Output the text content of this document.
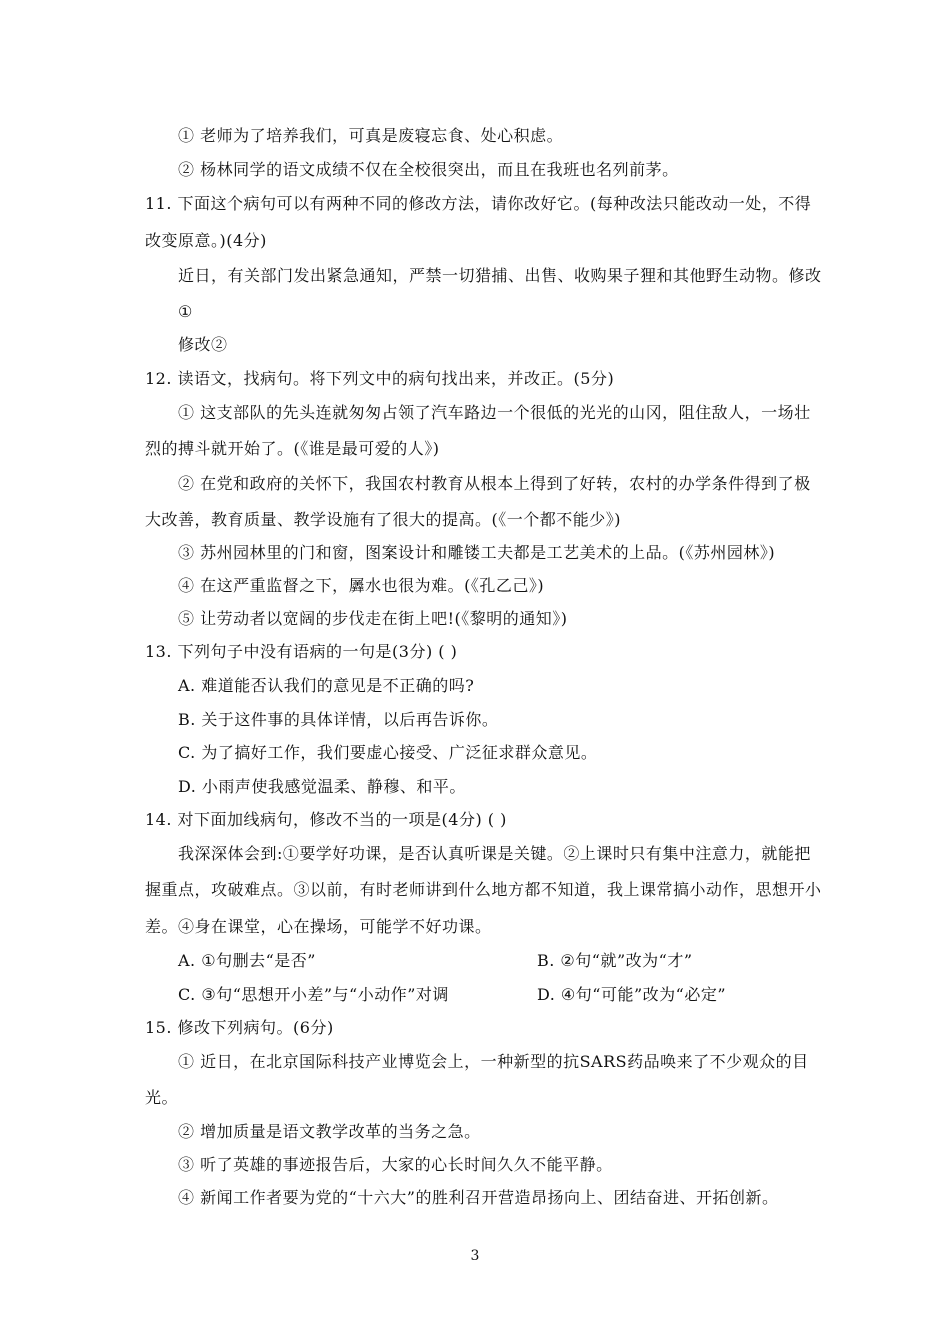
① 老师为了培养我们，可真是废寝忘食、处心积虑。
② 杨林同学的语文成绩不仅在全校很突出，而且在我班也名列前茅。
11. 下面这个病句可以有两种不同的修改方法，请你改好它。(每种改法只能改动一处，不得
改变原意。)(4分)
近日，有关部门发出紧急通知，严禁一切猎捕、出售、收购果子狸和其他野生动物。修改
①
修改②
12. 读语文，找病句。将下列文中的病句找出来，并改正。(5分)
① 这支部队的先头连就匆匆占领了汽车路边一个很低的光光的山冈，阻住敌人，一场壮
烈的搏斗就开始了。(《谁是最可爱的人》)
② 在党和政府的关怀下，我国农村教育从根本上得到了好转，农村的办学条件得到了极
大改善，教育质量、教学设施有了很大的提高。(《一个都不能少》)
③ 苏州园林里的门和窗，图案设计和雕镂工夫都是工艺美术的上品。(《苏州园林》)
④ 在这严重监督之下，羼水也很为难。(《孔乙己》)
⑤ 让劳动者以宽阔的步伐走在街上吧!(《黎明的通知》)
13. 下列句子中没有语病的一句是(3分) ( )
A. 难道能否认我们的意见是不正确的吗?
B. 关于这件事的具体详情，以后再告诉你。
C. 为了搞好工作，我们要虚心接受、广泛征求群众意见。
D. 小雨声使我感觉温柔、静穆、和平。
14. 对下面加线病句，修改不当的一项是(4分) ( )
我深深体会到:①要学好功课，是否认真听课是关键。②上课时只有集中注意力，就能把
握重点，攻破难点。③以前，有时老师讲到什么地方都不知道，我上课常搞小动作，思想开小
差。④身在课堂，心在操场，可能学不好功课。
A. ①句删去“是否”	B. ②句“就”改为“才”
C. ③句“思想开小差”与“小动作”对调	D. ④句“可能”改为“必定”
15. 修改下列病句。(6分)
① 近日，在北京国际科技产业博览会上，一种新型的抗SARS药品唤来了不少观众的目
光。
② 增加质量是语文教学改革的当务之急。
③ 听了英雄的事迹报告后，大家的心长时间久久不能平静。
④ 新闻工作者要为党的“十六大”的胜利召开营造昂扬向上、团结奋进、开拓创新。
3
